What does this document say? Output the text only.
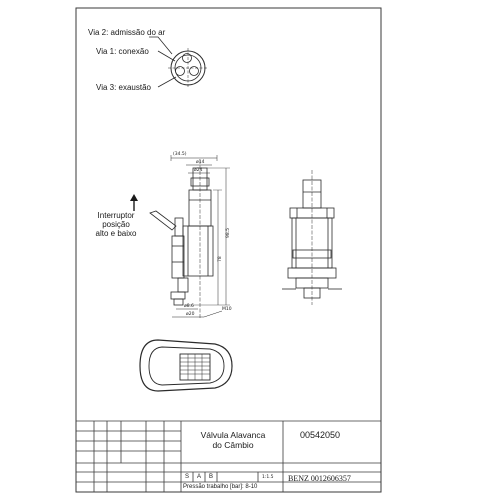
Via 2: admissão do ar
Via 1: conexão
Via 3: exaustão
Interruptor
posição
alto e baixo
(34.5)
ø14
ø24
98.5
78
ø8.6
ø20
M10
Válvula Alavanca
do Câmbio
00542050
BENZ 0012606357
Pressão trabalho [bar]: 8-10
S A B	1:1.5
